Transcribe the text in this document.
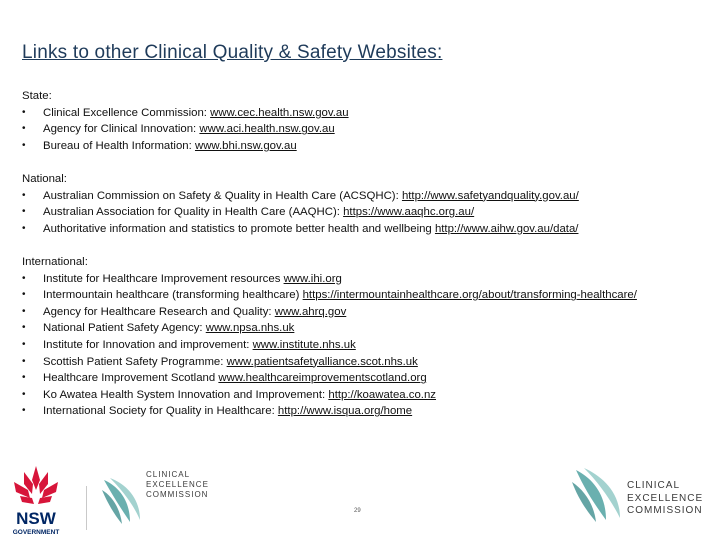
Links to other Clinical Quality & Safety Websites:
State:
• Clinical Excellence Commission: www.cec.health.nsw.gov.au
• Agency for Clinical Innovation: www.aci.health.nsw.gov.au
• Bureau of Health Information: www.bhi.nsw.gov.au
National:
• Australian Commission on Safety & Quality in Health Care (ACSQHC): http://www.safetyandquality.gov.au/
• Australian Association for Quality in Health Care (AAQHC): https://www.aaqhc.org.au/
• Authoritative information and statistics to promote better health and wellbeing http://www.aihw.gov.au/data/
International:
• Institute for Healthcare Improvement resources www.ihi.org
• Intermountain healthcare (transforming healthcare) https://intermountainhealthcare.org/about/transforming-healthcare/
• Agency for Healthcare Research and Quality: www.ahrq.gov
• National Patient Safety Agency: www.npsa.nhs.uk
• Institute for Innovation and improvement: www.institute.nhs.uk
• Scottish Patient Safety Programme: www.patientsafetyalliance.scot.nhs.uk
• Healthcare Improvement Scotland www.healthcareimprovementscotland.org
• Ko Awatea Health System Innovation and Improvement: http://koawatea.co.nz
• International Society for Quality in Healthcare: http://www.isqua.org/home
NSW
GOVERNMENT
CLINICAL
EXCELLENCE
COMMISSION
29
CLINICAL
EXCELLENCE
COMMISSION
